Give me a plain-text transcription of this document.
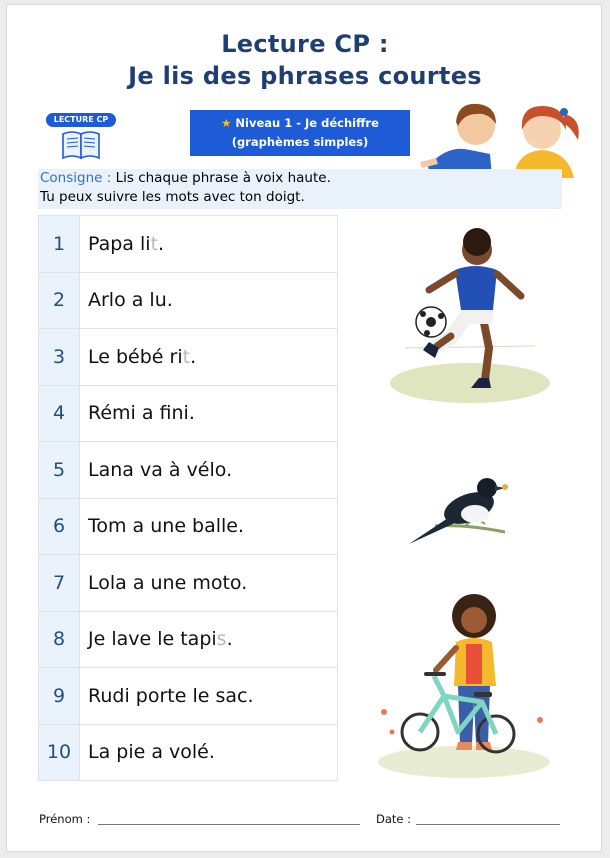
Lecture CP :
Je lis des phrases courtes
LECTURE CP	★ Niveau 1 - Je déchiffre
(graphèmes simples)
Consigne : Lis chaque phrase à voix haute.
Tu peux suivre les mots avec ton doigt.
1	Papa lit.
2	Arlo a lu.
3	Le bébé rit.
4	Rémi a fini.
5	Lana va à vélo.
6	Tom a une balle.
7	Lola a une moto.
8	Je lave le tapis.
9	Rudi porte le sac.
10	La pie a volé.
Prénom :	Date :
